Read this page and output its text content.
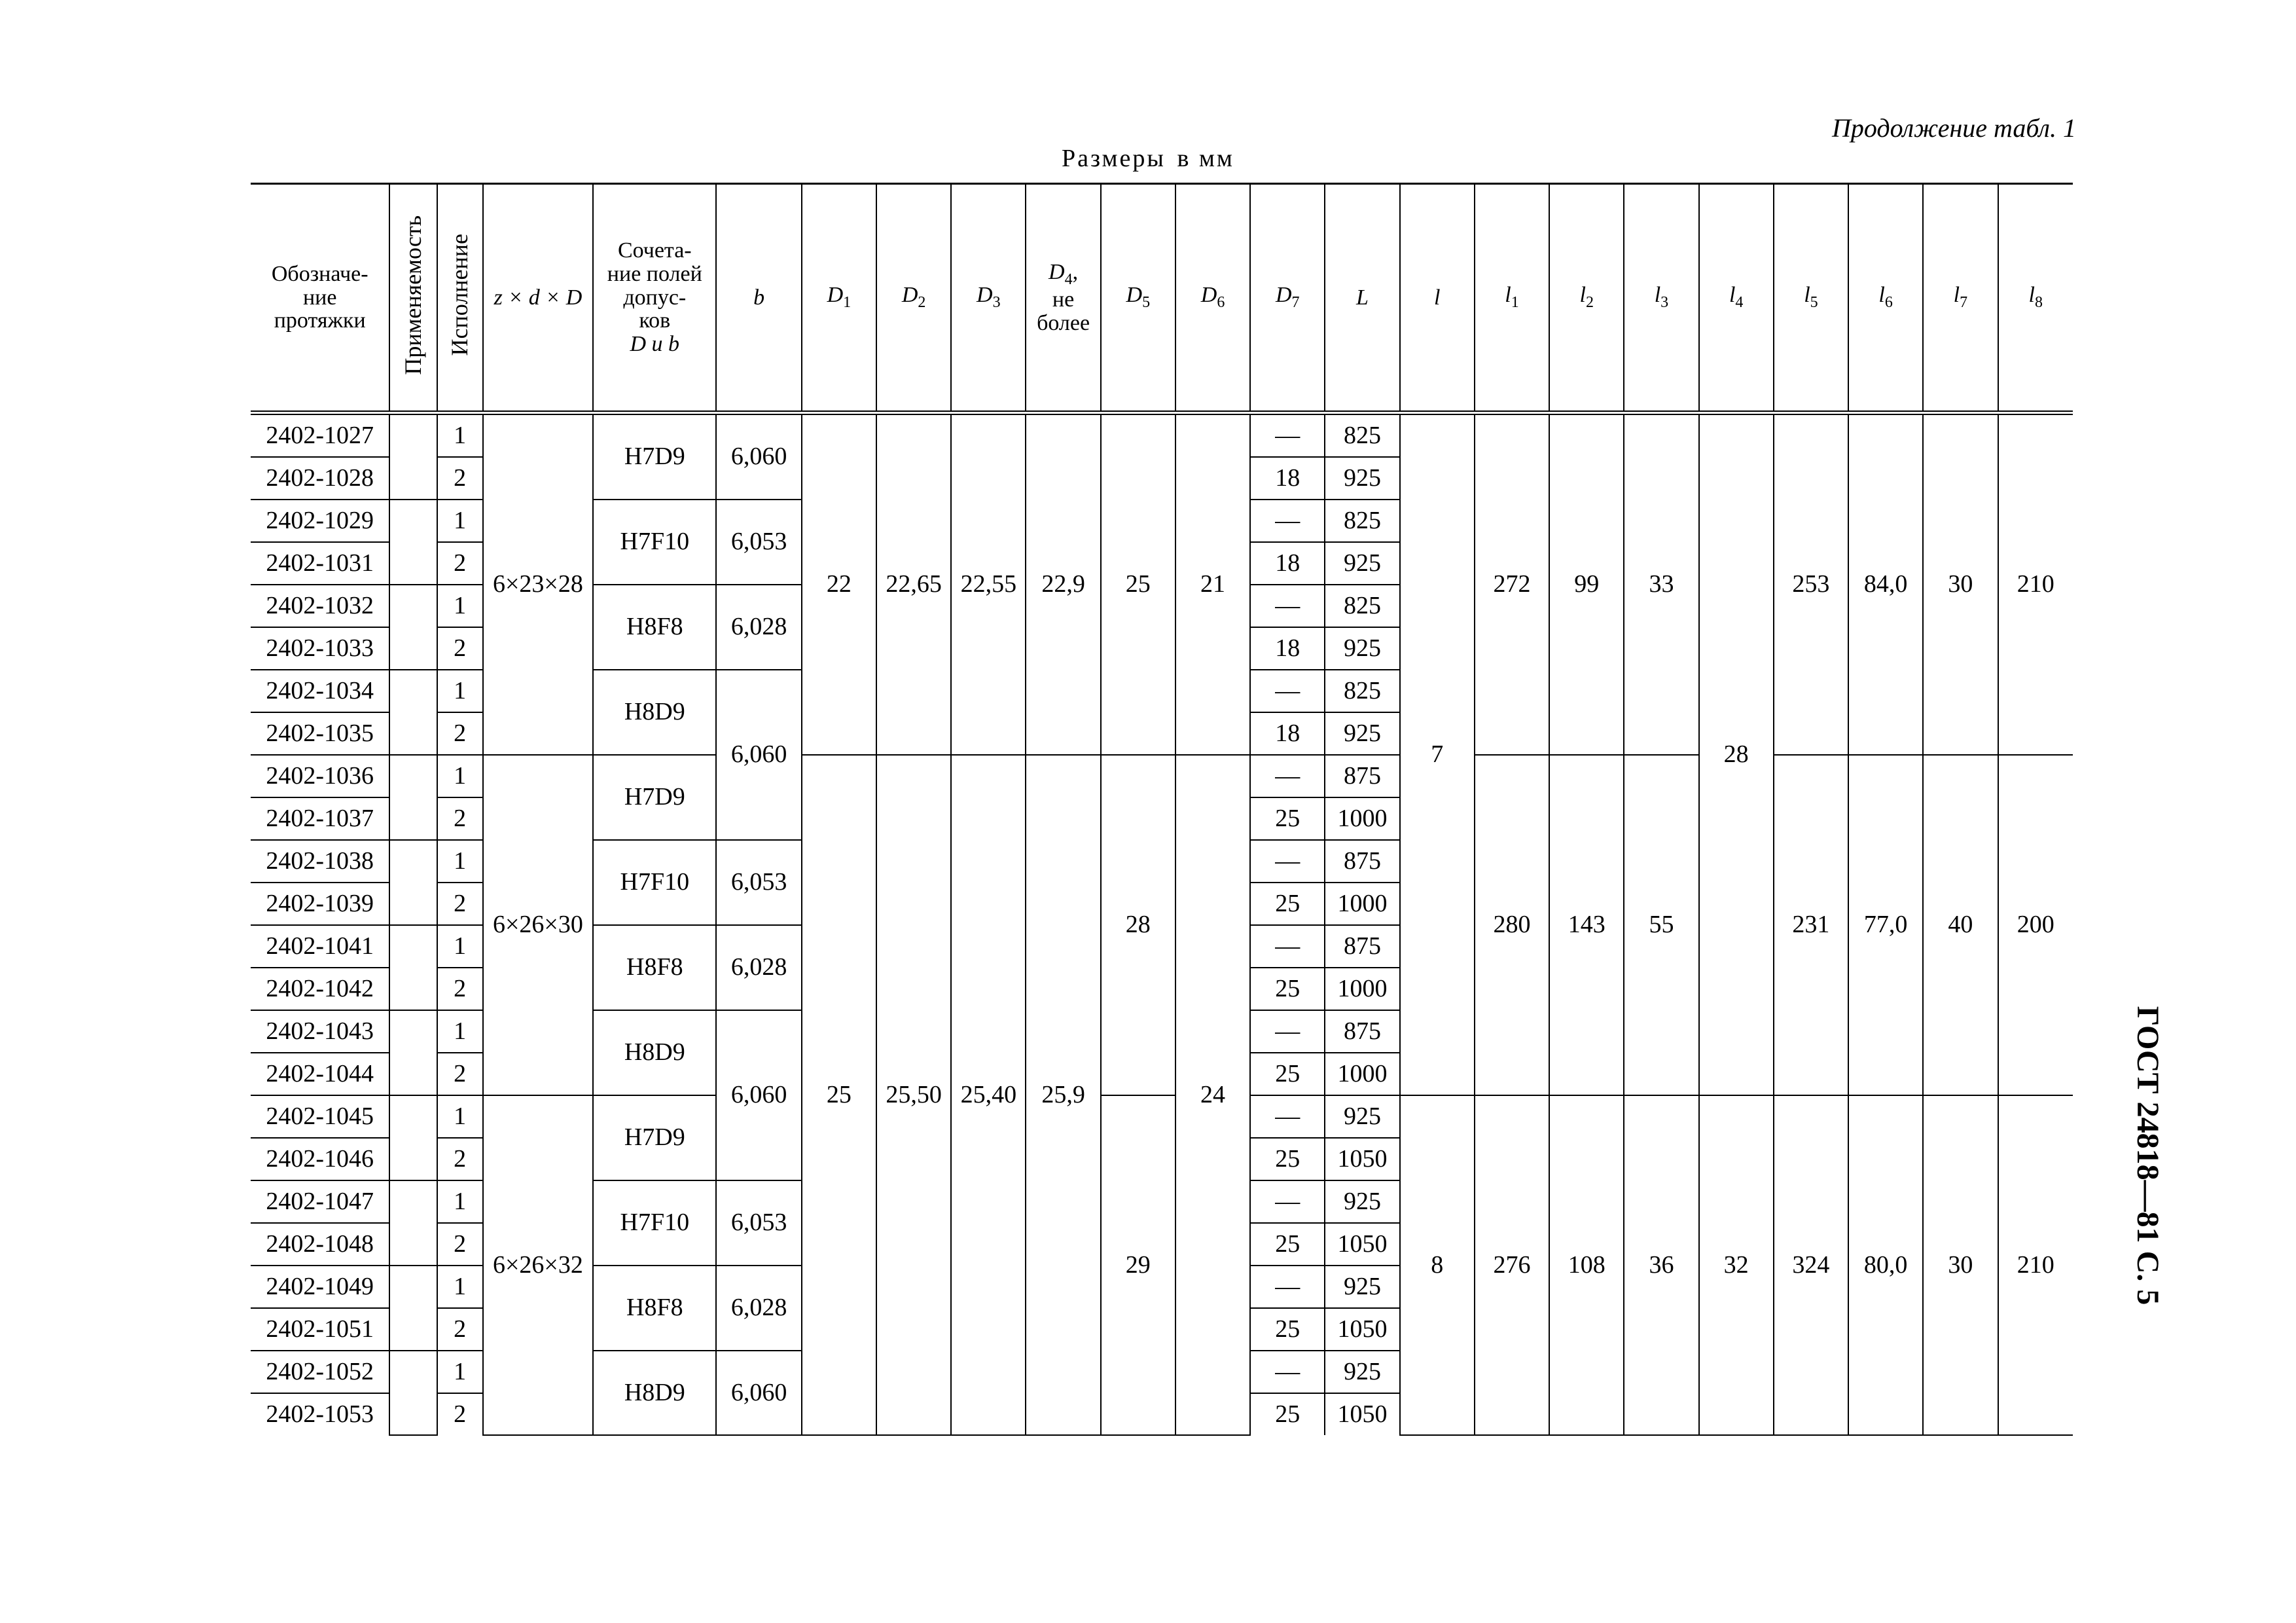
Продолжение табл. 1
Размеры в мм
ГОСТ 24818—81 С. 5
Обозначе-
ние
протяжки	Применяемость	Исполнение	z × d × D	Сочета-
ние полей
допус-
ков
D и b	b	$D_1$	$D_2$	$D_3$	$D_4$,
не
более	$D_5$	$D_6$	$D_7$	L	l	$l_1$	$l_2$	$l_3$	$l_4$	$l_5$	$l_6$	$l_7$	$l_8$
2402-1027		1	6×23×28	H7D9	6,060	22	22,65	22,55	22,9	25	21	—	825	7	272	99	33	28	253	84,0	30	210
2402-1028		2										18	925									
2402-1029		1		H7F10	6,053							—	825									
2402-1031		2										18	925									
2402-1032		1		H8F8	6,028							—	825									
2402-1033		2										18	925									
2402-1034		1		H8D9	6,060							—	825									
2402-1035		2										18	925									
2402-1036		1	6×26×30	H7D9		25	25,50	25,40	25,9	28	24	—	875		280	143	55		231	77,0	40	200
2402-1037		2										25	1000									
2402-1038		1		H7F10	6,053							—	875									
2402-1039		2										25	1000									
2402-1041		1		H8F8	6,028							—	875									
2402-1042		2										25	1000									
2402-1043		1		H8D9	6,060							—	875									
2402-1044		2										25	1000									
2402-1045		1	6×26×32	H7D9						29		—	925	8	276	108	36	32	324	80,0	30	210
2402-1046		2										25	1050									
2402-1047		1		H7F10	6,053							—	925									
2402-1048		2										25	1050									
2402-1049		1		H8F8	6,028							—	925									
2402-1051		2										25	1050									
2402-1052		1		H8D9	6,060							—	925									
2402-1053		2										25	1050									
